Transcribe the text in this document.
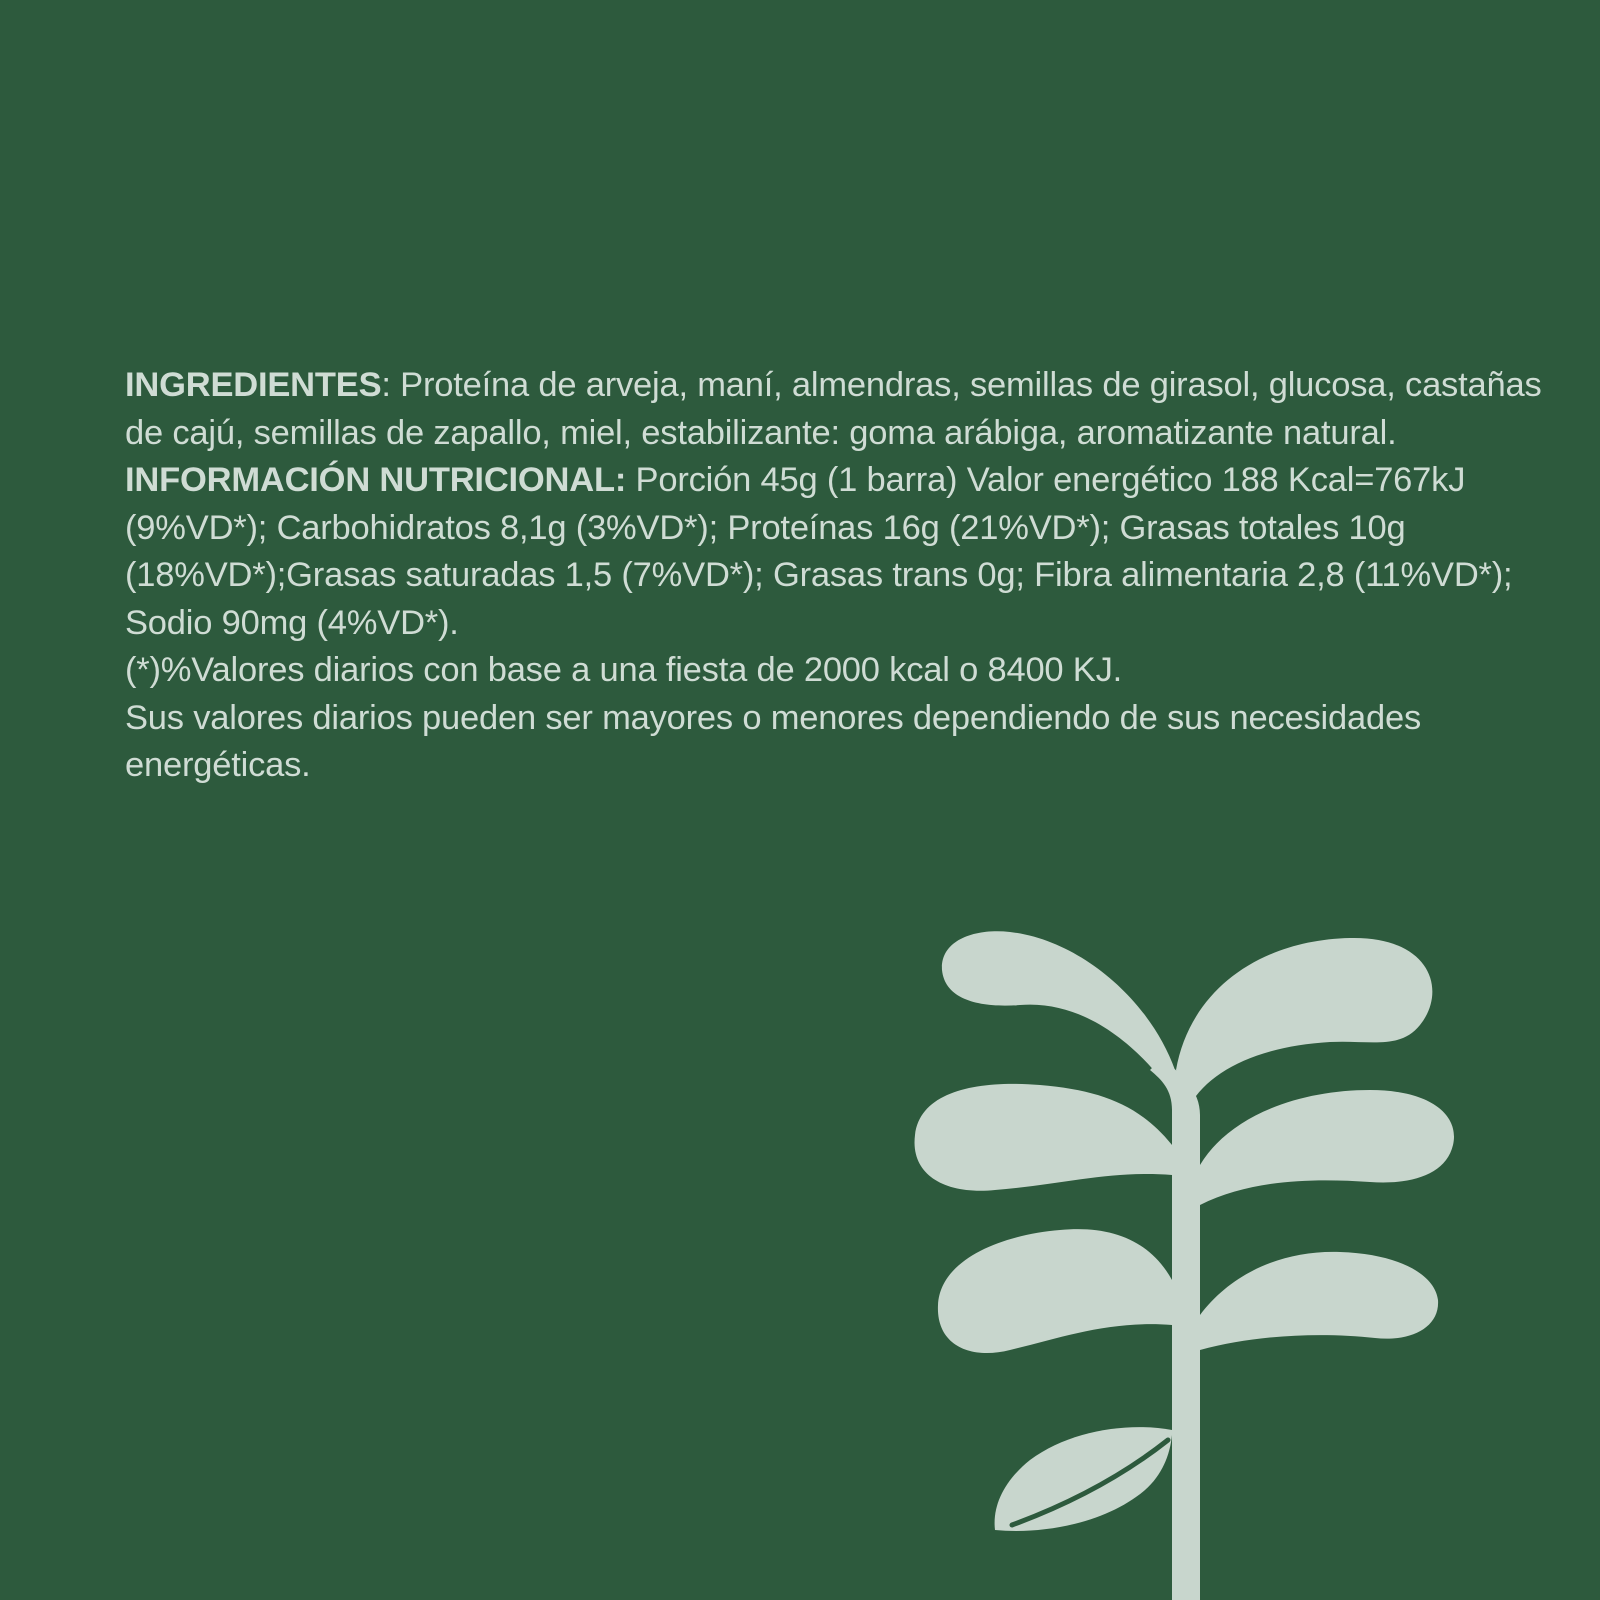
INGREDIENTES: Proteína de arveja, maní, almendras, semillas de girasol, glucosa, castañas de cajú, semillas de zapallo, miel, estabilizante: goma arábiga, aromatizante natural.

INFORMACIÓN NUTRICIONAL: Porción 45g (1 barra) Valor energético 188 Kcal=767kJ (9%VD*); Carbohidratos 8,1g (3%VD*); Proteínas 16g (21%VD*); Grasas totales 10g (18%VD*);Grasas saturadas 1,5 (7%VD*); Grasas trans 0g; Fibra alimentaria 2,8 (11%VD*); Sodio 90mg (4%VD*).

(*)%Valores diarios con base a una fiesta de 2000 kcal o 8400 KJ.

Sus valores diarios pueden ser mayores o menores dependiendo de sus necesidades energéticas.
